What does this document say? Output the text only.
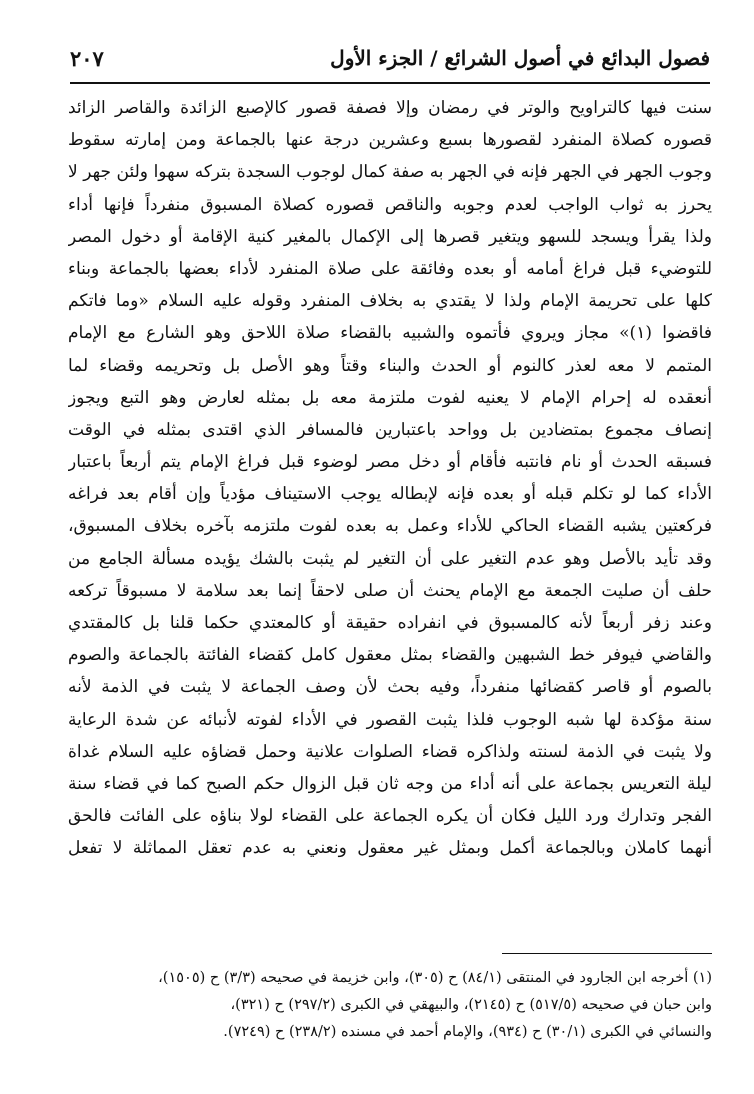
فصول البدائع في أصول الشرائع / الجزء الأول
٢٠٧
سنت فيها كالتراويح والوتر في رمضان وإلا فصفة قصور كالإصبع الزائدة والقاصر الزائد
قصوره كصلاة المنفرد لقصورها بسبع وعشرين درجة عنها بالجماعة ومن إمارته سقوط
وجوب الجهر في الجهر فإنه في الجهر به صفة كمال لوجوب السجدة بتركه سهوا ولئن جهر لا
يحرز به ثواب الواجب لعدم وجوبه والناقص قصوره كصلاة المسبوق منفرداً فإنها أداء
ولذا يقرأ ويسجد للسهو ويتغير قصرها إلى الإكمال بالمغير كنية الإقامة أو دخول المصر
للتوضيء قبل فراغ أمامه أو بعده وفائقة على صلاة المنفرد لأداء بعضها بالجماعة وبناء
كلها على تحريمة الإمام ولذا لا يقتدي به بخلاف المنفرد وقوله عليه السلام «وما فاتكم
فاقضوا (١)» مجاز ويروي فأتموه والشبيه بالقضاء صلاة اللاحق وهو الشارع مع الإمام
المتمم لا معه لعذر كالنوم أو الحدث والبناء وقتاً وهو الأصل بل وتحريمه وقضاء لما
أنعقده له إحرام الإمام لا يعنيه لفوت ملتزمة معه بل بمثله لعارض وهو التبع ويجوز
إنصاف مجموع بمتضادين بل وواحد باعتبارين فالمسافر الذي اقتدى بمثله في الوقت
فسبقه الحدث أو نام فانتبه فأقام أو دخل مصر لوضوء قبل فراغ الإمام يتم أربعاً باعتبار
الأداء كما لو تكلم قبله أو بعده فإنه لإبطاله يوجب الاستيناف مؤدياً وإن أقام بعد فراغه
فركعتين يشبه القضاء الحاكي للأداء وعمل به بعده لفوت ملتزمه بآخره بخلاف المسبوق،
وقد تأيد بالأصل وهو عدم التغير على أن التغير لم يثبت بالشك يؤيده مسألة الجامع من
حلف أن صليت الجمعة مع الإمام يحنث أن صلى لاحقاً إنما بعد سلامة لا مسبوقاً تركعه
وعند زفر أربعاً لأنه كالمسبوق في انفراده حقيقة أو كالمعتدي حكما قلنا بل كالمقتدي
والقاضي فيوفر خط الشبهين والقضاء بمثل معقول كامل كقضاء الفائتة بالجماعة والصوم
بالصوم أو قاصر كقضائها منفرداً، وفيه بحث لأن وصف الجماعة لا يثبت في الذمة لأنه
سنة مؤكدة لها شبه الوجوب فلذا يثبت القصور في الأداء لفوته لأنبائه عن شدة الرعاية
ولا يثبت في الذمة لسنته ولذاكره قضاء الصلوات علانية وحمل قضاؤه عليه السلام غداة
ليلة التعريس بجماعة على أنه أداء من وجه ثان قبل الزوال حكم الصبح كما في قضاء سنة
الفجر وتدارك ورد الليل فكان أن يكره الجماعة على القضاء لولا بناؤه على الفائت فالحق
أنهما كاملان وبالجماعة أكمل وبمثل غير معقول ونعني به عدم تعقل المماثلة لا تفعل
(١) أخرجه ابن الجارود في المنتقى (٨٤/١) ح (٣٠٥)، وابن خزيمة في صحيحه (٣/٣) ح (١٥٠٥)،
وابن حبان في صحيحه (٥١٧/٥) ح (٢١٤٥)، والبيهقي في الكبرى (٢٩٧/٢) ح (٣٢١)،
والنسائي في الكبرى (٣٠/١) ح (٩٣٤)، والإمام أحمد في مسنده (٢٣٨/٢) ح (٧٢٤٩).
